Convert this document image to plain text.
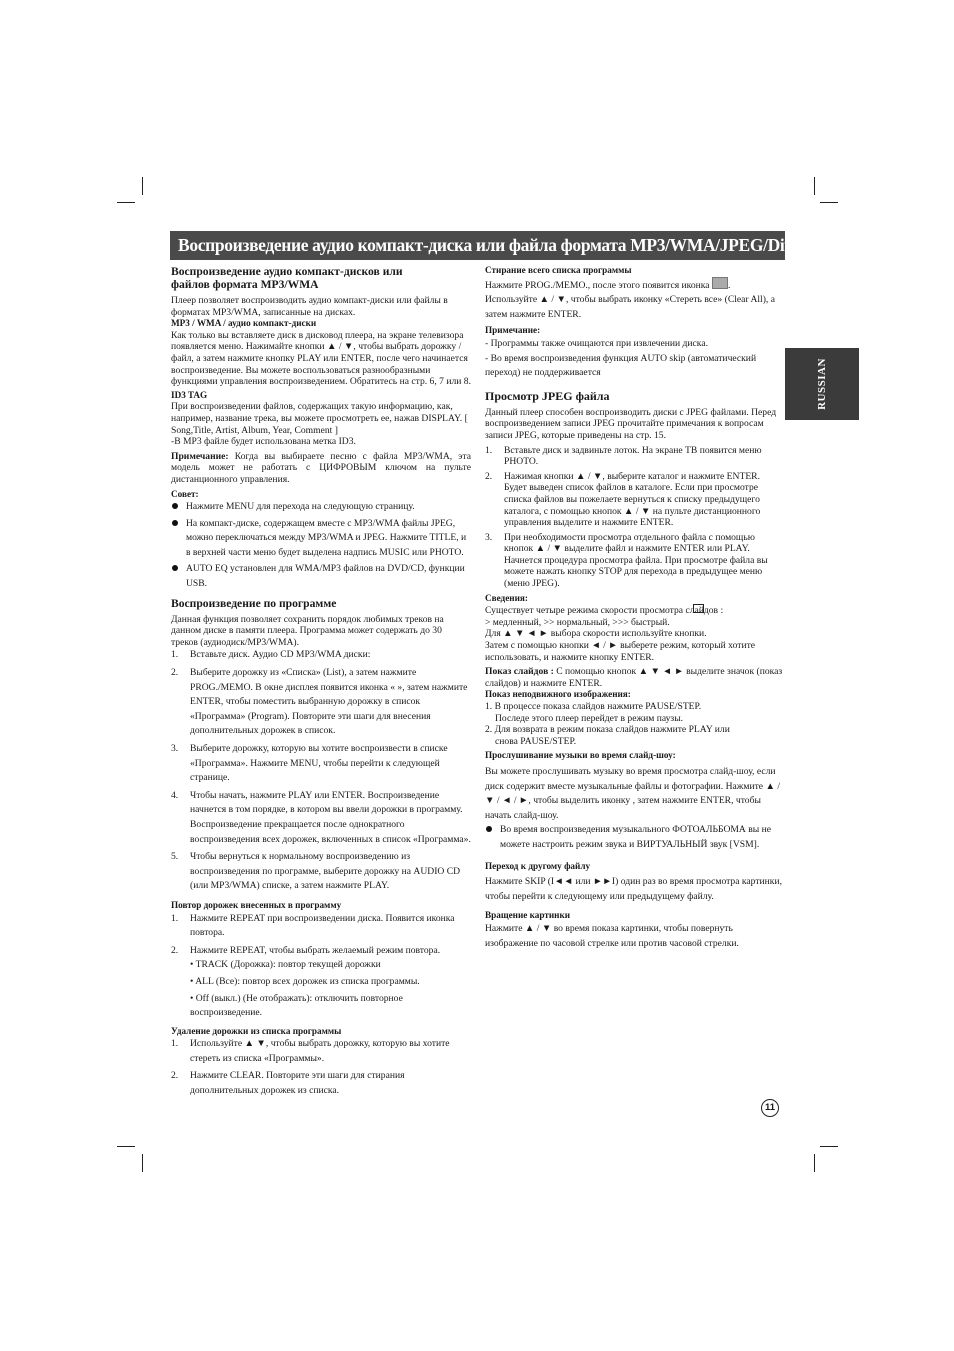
Воспроизведение аудио компакт-диска или файла формата MP3/WMA/JPEG/DivX
RUSSIAN
11
Воспроизведение аудио компакт-дисков или
файлов формата MP3/WMA

Плеер позволяет воспроизводить аудио компакт-диски или файлы в форматах MP3/WMA, записанные на дисках.

MP3 / WMA / аудио компакт-диски

Как только вы вставляете диск в дисковод плеера, на экране телевизора появляется меню. Нажимайте кнопки ▲ / ▼, чтобы выбрать дорожку / файл, а затем нажмите кнопку PLAY или ENTER, после чего начинается воспроизведение. Вы можете воспользоваться разнообразными функциями управления воспроизведением. Обратитесь на стр. 6, 7 или 8.

ID3 TAG

При воспроизведении файлов, содержащих такую информацию, как, например, название трека, вы можете просмотреть ее, нажав DISPLAY. [ Song,Title, Artist, Album, Year, Comment ]

-В MP3 файле будет использована метка ID3.

Примечание: Когда вы выбираете песню с файла MP3/WMA, эта модель может не работать с ЦИФРОВЫМ ключом на пульте дистанционного управления.

Совет:
Нажмите MENU для перехода на следующую страницу.
На компакт-диске, содержащем вместе с MP3/WMA файлы JPEG, можно переключаться между MP3/WMA и JPEG. Нажмите TITLE, и в верхней части меню будет выделена надпись MUSIC или PHOTO.
AUTO EQ установлен для WMA/MP3 файлов на DVD/CD, функции USB.
Воспроизведение по программе

Данная функция позволяет сохранить порядок любимых треков на данном диске в памяти плеера. Программа может содержать до 30 треков (аудиодиск/MP3/WMA).

1. Вставьте диск. Аудио CD MP3/WMA диски:
2. Выберите дорожку из «Списка» (List), а затем нажмите PROG./MEMO. В окне дисплея появится иконка « », затем нажмите ENTER, чтобы поместить выбранную дорожку в список «Программа» (Program). Повторите эти шаги для внесения дополнительных дорожек в список.
3. Выберите дорожку, которую вы хотите воспроизвести в списке «Программа». Нажмите MENU, чтобы перейти к следующей странице.
4. Чтобы начать, нажмите PLAY или ENTER. Воспроизведение начнется в том порядке, в котором вы ввели дорожки в программу. Воспроизведение прекращается после однократного воспроизведения всех дорожек, включенных в список «Программа».
5. Чтобы вернуться к нормальному воспроизведению из воспроизведения по программе, выберите дорожку на AUDIO CD (или MP3/WMA) списке, а затем нажмите PLAY.
Повтор дорожек внесенных в программу
1. Нажмите REPEAT при воспроизведении диска. Появится иконка повтора.
2. Нажмите REPEAT, чтобы выбрать желаемый режим повтора.
• TRACK (Дорожка): повтор текущей дорожки
• ALL (Все): повтор всех дорожек из списка программы.
• Off (выкл.) (Не отображать): отключить повторное воспроизведение.
Удаление дорожки из списка программы
1. Используйте ▲ ▼, чтобы выбрать дорожку, которую вы хотите стереть из списка «Программы».
2. Нажмите CLEAR. Повторите эти шаги для стирания дополнительных дорожек из списка.
Стирание всего списка программы

Нажмите PROG./MEMO., после этого появится иконка .

Используйте ▲ / ▼, чтобы выбрать иконку «Стереть все» (Clear All), а затем нажмите ENTER.

Примечание:

- Программы также очищаются при извлечении диска.

- Во время воспроизведения функция AUTO skip (автоматический переход) не поддерживается

Просмотр JPEG файла

Данный плеер способен воспроизводить диски с JPEG файлами. Перед воспроизведением записи JPEG прочитайте примечания к вопросам записи JPEG, которые приведены на стр. 15.

1. Вставьте диск и задвиньте лоток. На экране ТВ появится меню PHOTO.
2. Нажимая кнопки ▲ / ▼, выберите каталог и нажмите ENTER. Будет выведен список файлов в каталоге. Если при просмотре списка файлов вы пожелаете вернуться к списку предыдущего каталога, с помощью кнопок ▲ / ▼ на пульте дистанционного управления выделите и нажмите ENTER.
3. При необходимости просмотра отдельного файла с помощью кнопок ▲ / ▼ выделите файл и нажмите ENTER или PLAY. Начнется процедура просмотра файла. При просмотре файла вы можете нажать кнопку STOP для перехода в предыдущее меню (меню JPEG).
Сведения:

Существует четыре режима скорости просмотра слайдов :

> медленный, >> нормальный, >>> быстрый.

Для ▲ ▼ ◄ ► выбора скорости используйте кнопки.

Затем с помощью кнопки ◄ / ► выберете режим, который хотите использовать, и нажмите кнопку ENTER.

Показ слайдов : С помощью кнопок ▲ ▼ ◄ ► выделите значок (показ слайдов) и нажмите ENTER.

Показ неподвижного изображения:

1. В процессе показа слайдов нажмите PAUSE/STEP.

Последе этого плеер перейдет в режим паузы.

2. Для возврата в режим показа слайдов нажмите PLAY или

снова PAUSE/STEP.

Прослушивание музыки во время слайд-шоу:

Вы можете прослушивать музыку во время просмотра слайд-шоу, если диск содержит вместе музыкальные файлы и фотографии. Нажмите ▲ / ▼ / ◄ / ►, чтобы выделить иконку , затем нажмите ENTER, чтобы начать слайд-шоу.

Во время воспроизведения музыкального ФОТОАЛЬБОМА вы не можете настроить режим звука и ВИРТУАЛЬНЫЙ звук [VSM].
Переход к другому файлу

Нажмите SKIP (I◄◄ или ►►I) один раз во время просмотра картинки, чтобы перейти к следующему или предыдущему файлу.

Вращение картинки

Нажмите ▲ / ▼ во время показа картинки, чтобы повернуть изображение по часовой стрелке или против часовой стрелки.
